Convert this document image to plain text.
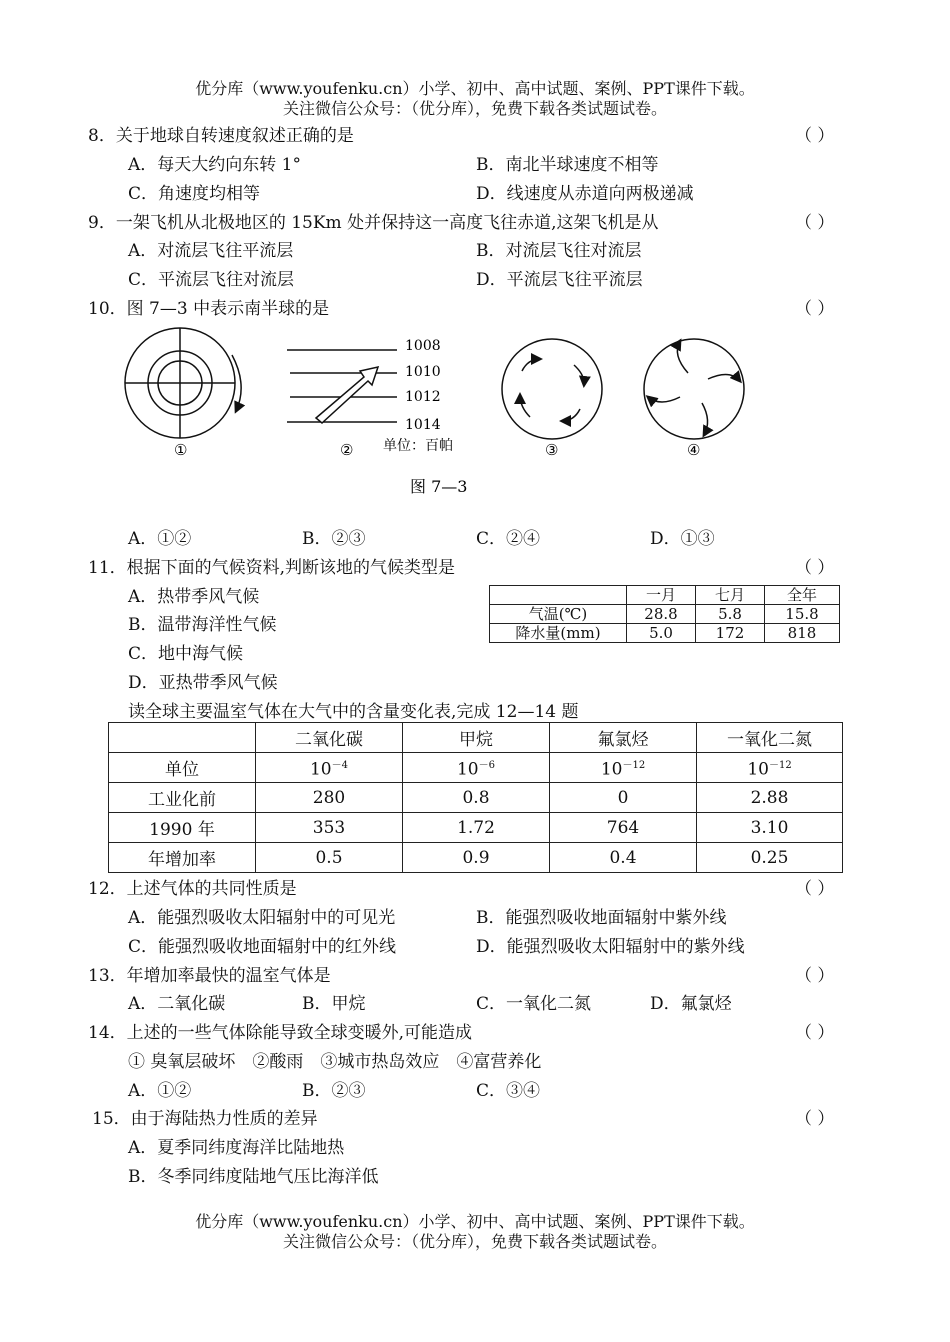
优分库（www.youfenku.cn）小学、初中、高中试题、案例、PPT课件下载。
关注微信公众号：（优分库），免费下载各类试题试卷。
8．关于地球自转速度叙述正确的是	（ ）
A．每天大约向东转 1°	B．南北半球速度不相等
C．角速度均相等	D．线速度从赤道向两极递减
9．一架飞机从北极地区的 15Km 处并保持这一高度飞往赤道,这架飞机是从	（ ）
A．对流层飞往平流层	B．对流层飞往对流层
C．平流层飞往对流层	D．平流层飞往平流层
10．图 7—3 中表示南半球的是	（ ）
①
1008
1010
1012
1014
单位：百帕
②	③	④
图 7—3
A．①②	B．②③	C．②④	D．①③
11．根据下面的气候资料,判断该地的气候类型是	（ ）
A．热带季风气候
B．温带海洋性气候
C．地中海气候
D．亚热带季风气候
	一月	七月	全年
气温(℃)	28.8	5.8	15.8
降水量(mm)	5.0	172	818
读全球主要温室气体在大气中的含量变化表,完成 12—14 题
	二氧化碳	甲烷	氟氯烃	一氧化二氮
单位	$10^{-4}$	$10^{-6}$	$10^{-12}$	$10^{-12}$
工业化前	280	0.8	0	2.88
1990 年	353	1.72	764	3.10
年增加率	0.5	0.9	0.4	0.25
12．上述气体的共同性质是	（ ）
A．能强烈吸收太阳辐射中的可见光	B．能强烈吸收地面辐射中紫外线
C．能强烈吸收地面辐射中的红外线	D．能强烈吸收太阳辐射中的紫外线
13．年增加率最快的温室气体是	（ ）
A．二氧化碳	B．甲烷	C．一氧化二氮	D．氟氯烃
14．上述的一些气体除能导致全球变暖外,可能造成	（ ）
① 臭氧层破坏　②酸雨　③城市热岛效应　④富营养化
A．①②	B．②③	C．③④
15．由于海陆热力性质的差异	（ ）
A．夏季同纬度海洋比陆地热
B．冬季同纬度陆地气压比海洋低
优分库（www.youfenku.cn）小学、初中、高中试题、案例、PPT课件下载。
关注微信公众号：（优分库），免费下载各类试题试卷。
